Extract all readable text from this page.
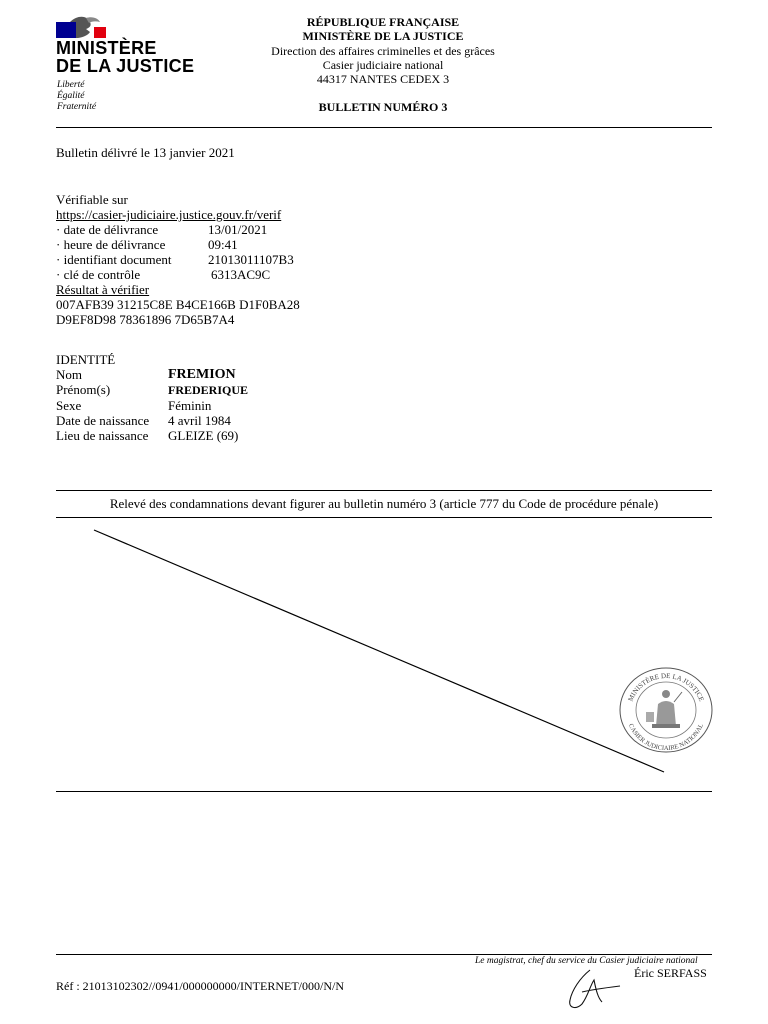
MINISTÈRE
DE LA JUSTICE
Liberté
Égalité
Fraternité
RÉPUBLIQUE FRANÇAISE
MINISTÈRE DE LA JUSTICE
Direction des affaires criminelles et des grâces
Casier judiciaire national
44317 NANTES CEDEX 3
BULLETIN NUMÉRO 3
Bulletin délivré le 13 janvier 2021
Vérifiable sur
https://casier-judiciaire.justice.gouv.fr/verif
· date de délivrance	13/01/2021
· heure de délivrance	09:41
· identifiant document	21013011107B3
· clé de contrôle	6313AC9C
Résultat à vérifier
007AFB39 31215C8E B4CE166B D1F0BA28
D9EF8D98 78361896 7D65B7A4
IDENTITÉ
Nom	FREMION
Prénom(s)	FREDERIQUE
Sexe	Féminin
Date de naissance 4 avril 1984
Lieu de naissance GLEIZE (69)
Relevé des condamnations devant figurer au bulletin numéro 3 (article 777 du Code de procédure pénale)
MINISTÈRE DE LA JUSTICE
CASIER JUDICIAIRE NATIONAL
Le magistrat, chef du service du Casier judiciaire national
Éric SERFASS
Réf : 21013102302//0941/000000000/INTERNET/000/N/N
